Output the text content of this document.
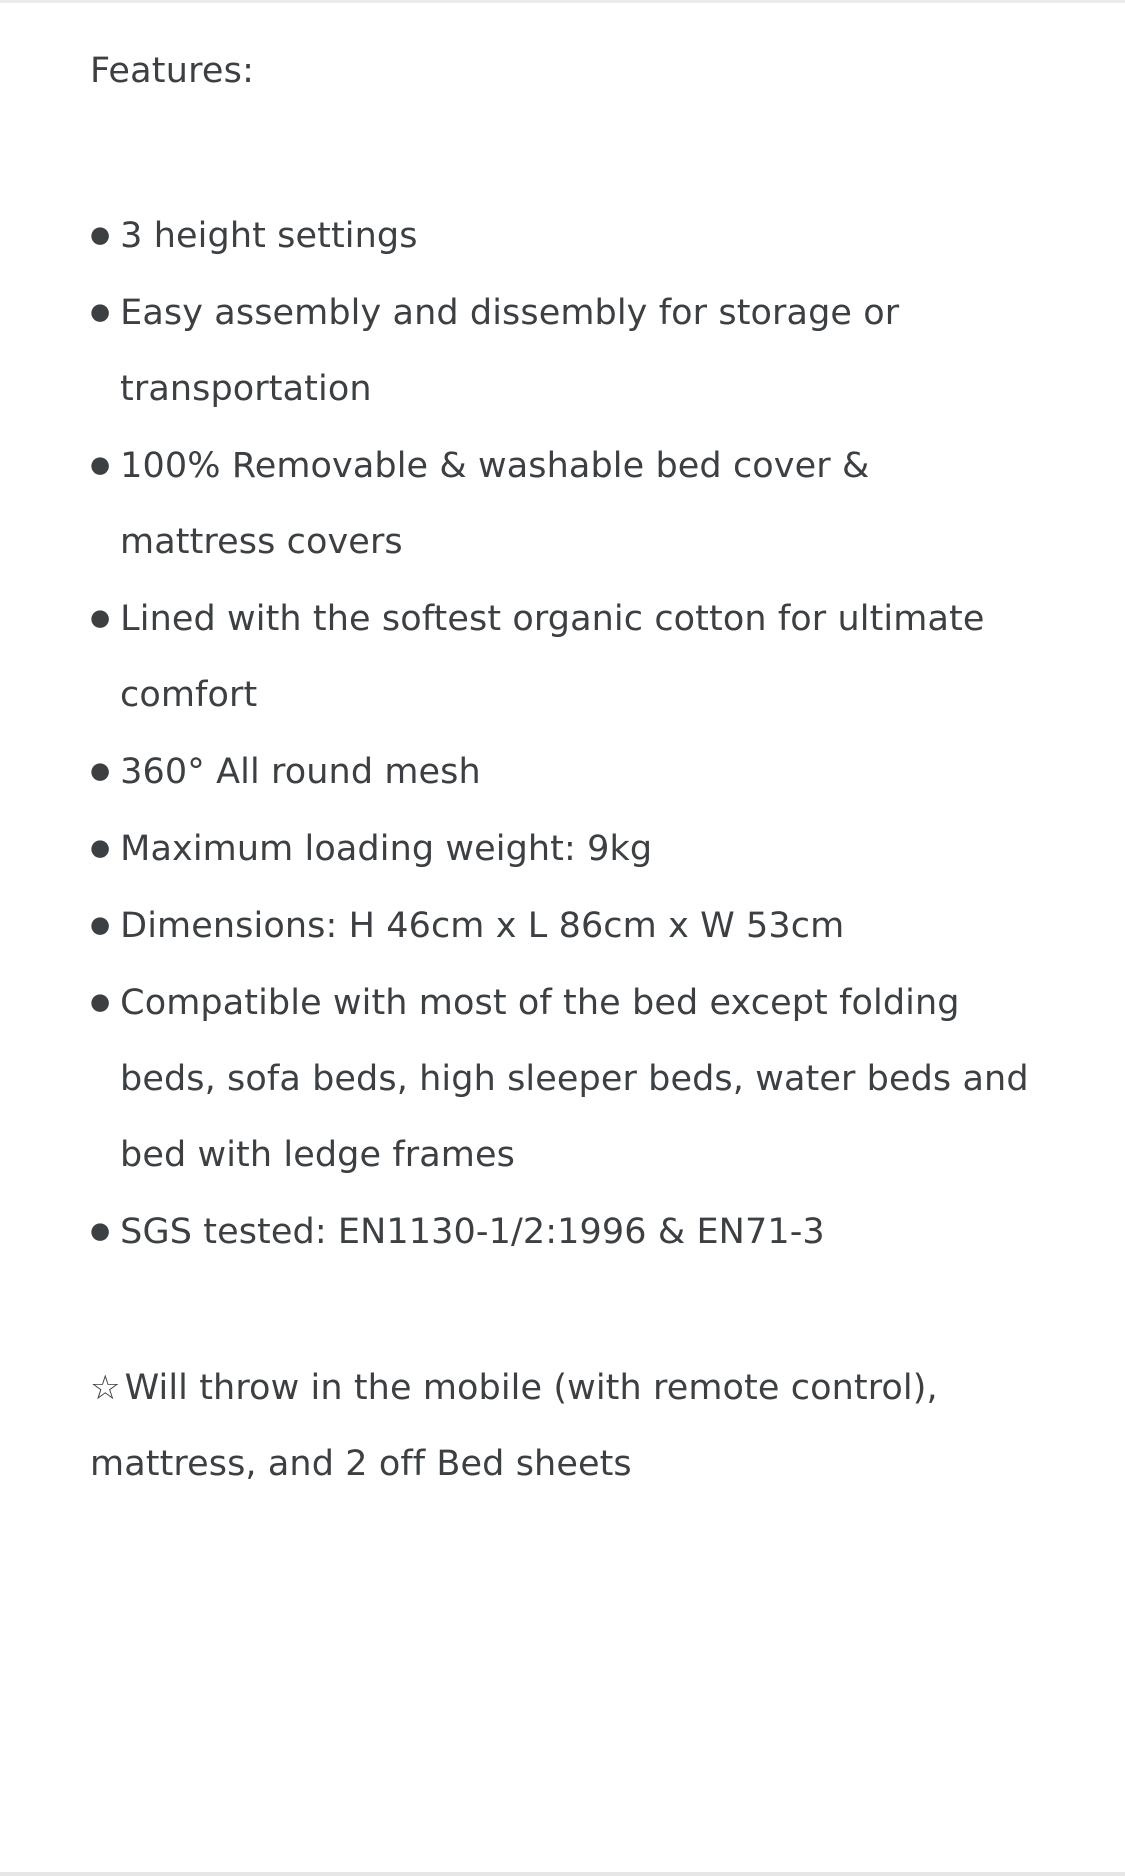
Features:
● 3 height settings
● Easy assembly and dissembly for storage or transportation
● 100% Removable & washable bed cover & mattress covers
● Lined with the softest organic cotton for ultimate comfort
● 360° All round mesh
● Maximum loading weight: 9kg
● Dimensions: H 46cm x L 86cm x W 53cm
● Compatible with most of the bed except folding beds, sofa beds, high sleeper beds, water beds and bed with ledge frames
● SGS tested: EN1130-1/2:1996 & EN71-3
☆ Will throw in the mobile (with remote control), mattress, and 2 off Bed sheets
